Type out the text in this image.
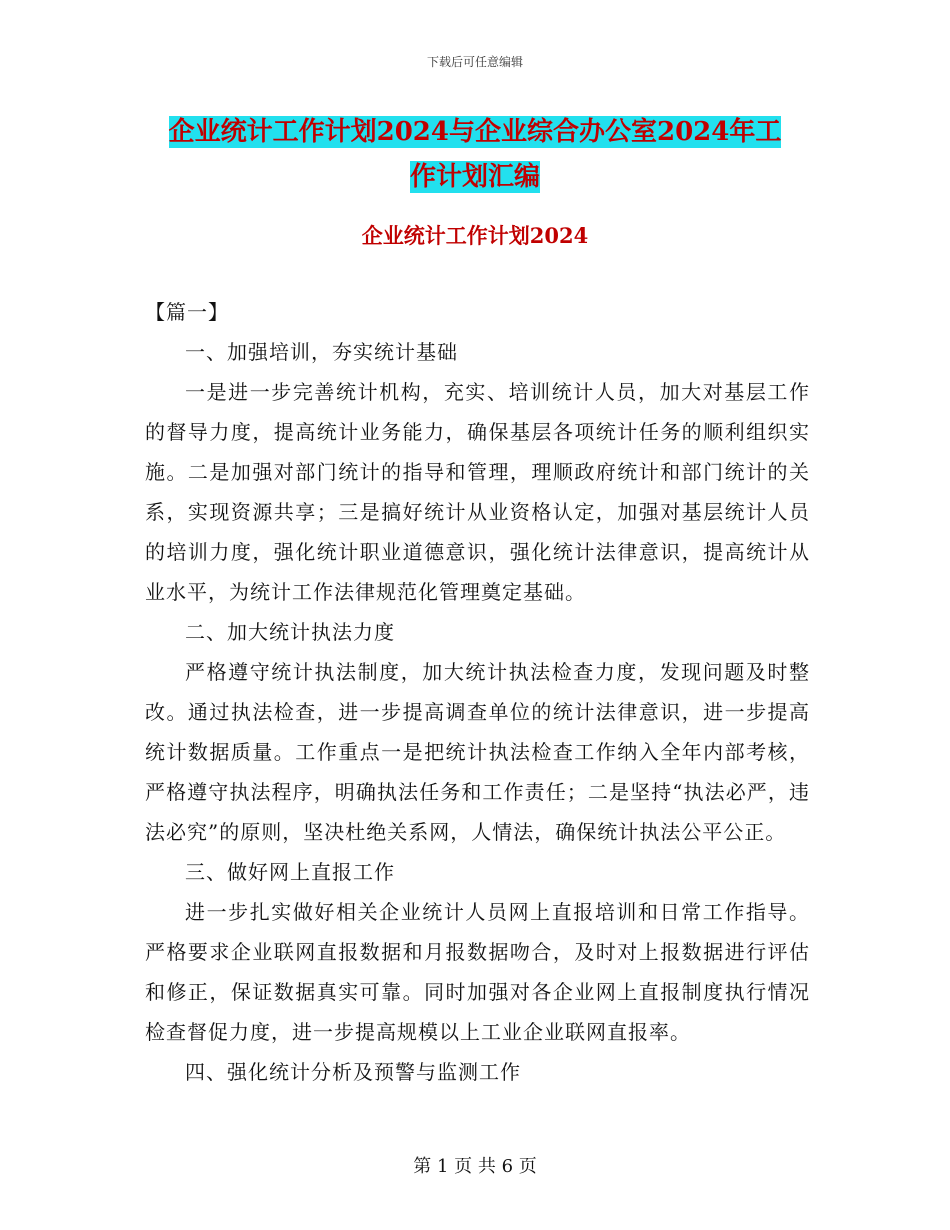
下载后可任意编辑
企业统计工作计划2024与企业综合办公室2024年工
作计划汇编
企业统计工作计划2024

【篇一】

一、加强培训，夯实统计基础

一是进一步完善统计机构，充实、培训统计人员，加大对基层工作的督导力度，提高统计业务能力，确保基层各项统计任务的顺利组织实施。二是加强对部门统计的指导和管理，理顺政府统计和部门统计的关系，实现资源共享；三是搞好统计从业资格认定，加强对基层统计人员的培训力度，强化统计职业道德意识，强化统计法律意识，提高统计从业水平，为统计工作法律规范化管理奠定基础。

二、加大统计执法力度

严格遵守统计执法制度，加大统计执法检查力度，发现问题及时整改。通过执法检查，进一步提高调查单位的统计法律意识，进一步提高统计数据质量。工作重点一是把统计执法检查工作纳入全年内部考核，严格遵守执法程序，明确执法任务和工作责任；二是坚持“执法必严，违法必究”的原则，坚决杜绝关系网，人情法，确保统计执法公平公正。

三、做好网上直报工作

进一步扎实做好相关企业统计人员网上直报培训和日常工作指导。严格要求企业联网直报数据和月报数据吻合，及时对上报数据进行评估和修正，保证数据真实可靠。同时加强对各企业网上直报制度执行情况检查督促力度，进一步提高规模以上工业企业联网直报率。

四、强化统计分析及预警与监测工作

第 1 页 共 6 页
